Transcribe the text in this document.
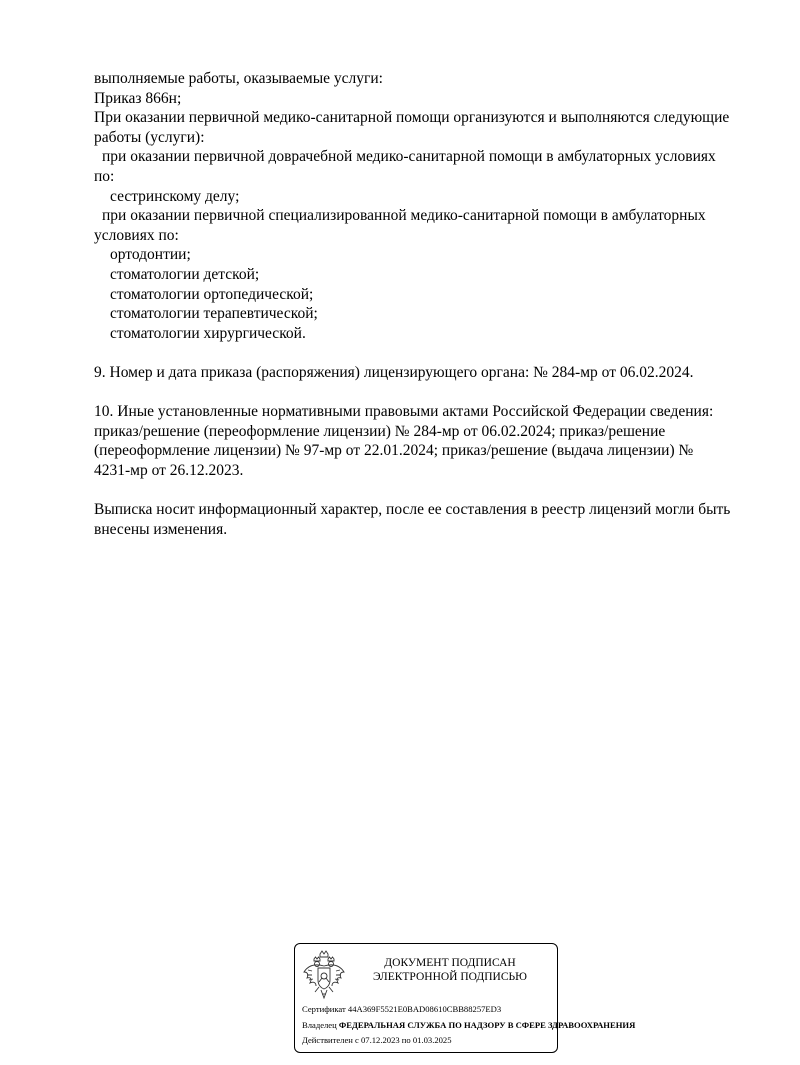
выполняемые работы, оказываемые услуги:
Приказ 866н;
При оказании первичной медико-санитарной помощи организуются и выполняются следующие
работы (услуги):
при оказании первичной доврачебной медико-санитарной помощи в амбулаторных условиях
по:
сестринскому делу;
при оказании первичной специализированной медико-санитарной помощи в амбулаторных
условиях по:
ортодонтии;
стоматологии детской;
стоматологии ортопедической;
стоматологии терапевтической;
стоматологии хирургической.
9. Номер и дата приказа (распоряжения) лицензирующего органа: № 284-мр от 06.02.2024.
10. Иные установленные нормативными правовыми актами Российской Федерации сведения:
приказ/решение (переоформление лицензии) № 284-мр от 06.02.2024; приказ/решение
(переоформление лицензии) № 97-мр от 22.01.2024; приказ/решение (выдача лицензии) №
4231-мр от 26.12.2023.
Выписка носит информационный характер, после ее составления в реестр лицензий могли быть
внесены изменения.
ДОКУМЕНТ ПОДПИСАН
ЭЛЕКТРОННОЙ ПОДПИСЬЮ
Сертификат 44A369F5521E0BAD08610CBB88257ED3
Владелец ФЕДЕРАЛЬНАЯ СЛУЖБА ПО НАДЗОРУ В СФЕРЕ ЗДРАВООХРАНЕНИЯ
Действителен с 07.12.2023 по 01.03.2025
